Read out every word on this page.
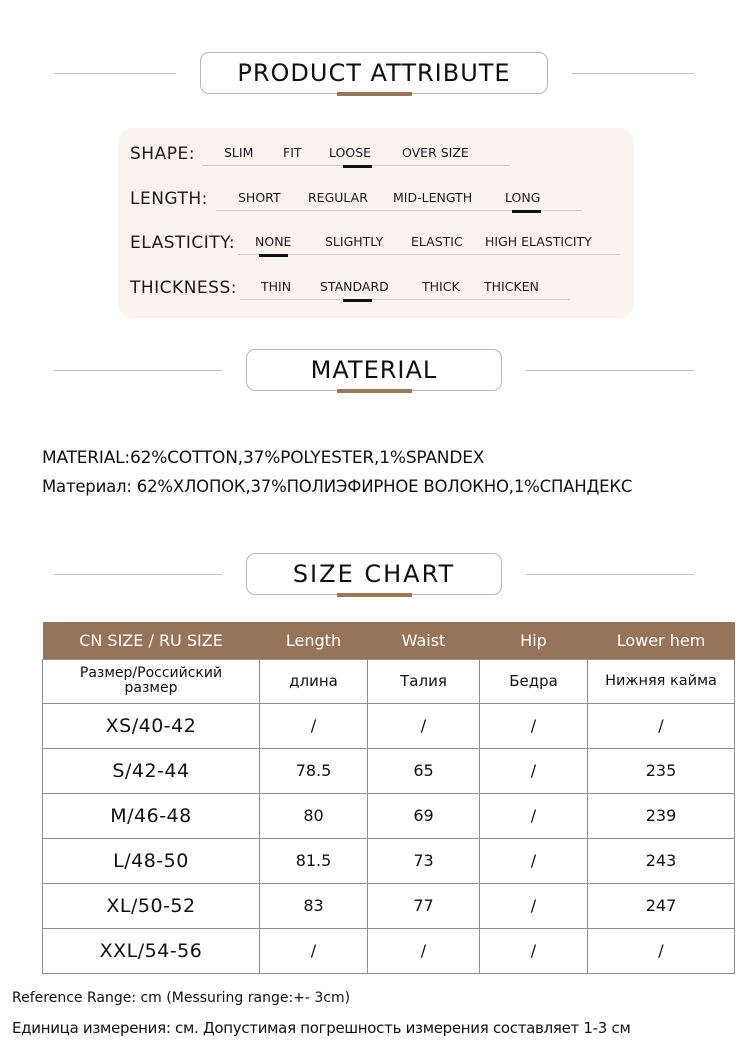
PRODUCT ATTRIBUTE
SHAPE: SLIM FIT LOOSE OVER SIZE
LENGTH: SHORT REGULAR MID-LENGTH	LONG
ELASTICITY: NONE	SLIGHTLY ELASTIC HIGH ELASTICITY
THICKNESS: THIN STANDARD	THICK THICKEN
MATERIAL
MATERIAL:62%COTTON,37%POLYESTER,1%SPANDEX
Материал: 62%ХЛОПОК,37%ПОЛИЭФИРНОЕ ВОЛОКНО,1%СПАНДЕКС
SIZE CHART
CN SIZE / RU SIZE	Length	Waist	Hip	Lower hem
Размер/Российский размер	длина	Талия	Бедра	Нижняя кайма
XS/40-42	/	/	/	/
S/42-44	78.5	65	/	235
M/46-48	80	69	/	239
L/48-50	81.5	73	/	243
XL/50-52	83	77	/	247
XXL/54-56	/	/	/	/
Reference Range: cm (Messuring range:+- 3cm)
Единица измерения: см. Допустимая погрешность измерения составляет 1-3 см
